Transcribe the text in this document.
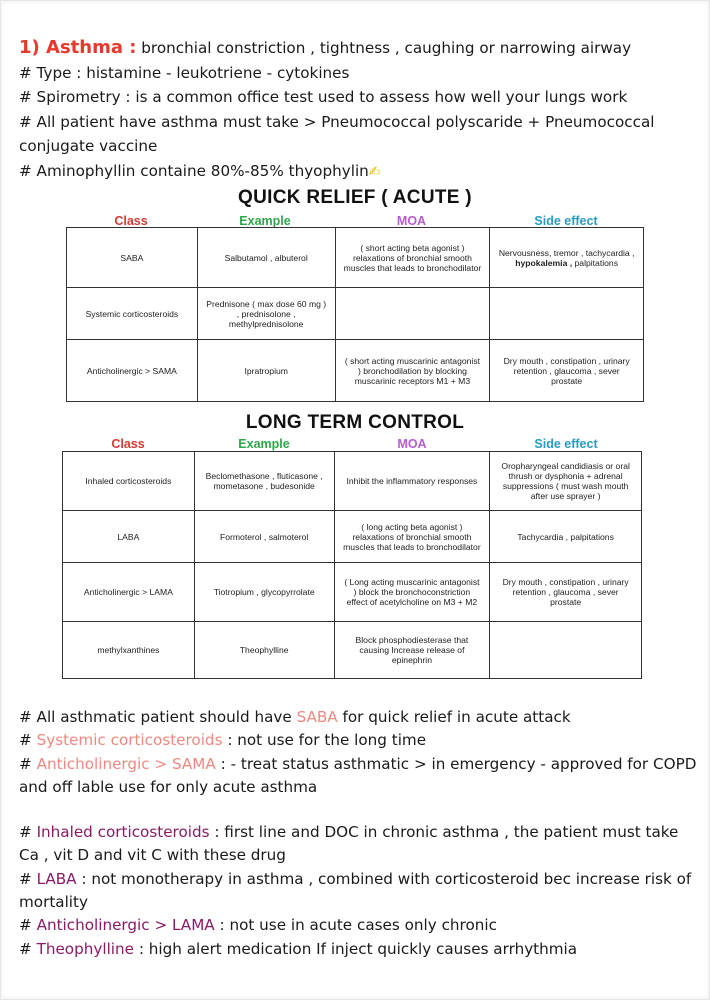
1) Asthma : bronchial constriction , tightness , caughing or narrowing airway

# Type : histamine - leukotriene - cytokines

# Spirometry : is a common office test used to assess how well your lungs work

# All patient have asthma must take > Pneumococcal polyscaride + Pneumococcal conjugate vaccine

# Aminophyllin containe 80%-85% thyophylin✍

QUICK RELIEF ( ACUTE )
Class	Example	MOA	Side effect
SABA	Salbutamol , albuterol	( short acting beta agonist ) relaxations of bronchial smooth muscles that leads to bronchodilator	Nervousness, tremor , tachycardia , hypokalemia , palpitations
Systemic corticosteroids	Prednisone ( max dose 60 mg ) , prednisolone , methylprednisolone		
Anticholinergic > SAMA	Ipratropium	( short acting muscarinic antagonist ) bronchodilation by blocking muscarinic receptors M1 + M3	Dry mouth , constipation , urinary retention , glaucoma , sever prostate
LONG TERM CONTROL
Class	Example	MOA	Side effect
Inhaled corticosteroids	Beclomethasone , fluticasone , mometasone , budesonide	Inhibit the inflammatory responses	Oropharyngeal candidiasis or oral thrush or dysphonia + adrenal suppressions ( must wash mouth after use sprayer )
LABA	Formoterol , salmoterol	( long acting beta agonist ) relaxations of bronchial smooth muscles that leads to bronchodilator	Tachycardia , palpitations
Anticholinergic > LAMA	Tiotropium , glycopyrrolate	( Long acting muscarinic antagonist ) block the bronchoconstriction effect of acetylcholine on M3 + M2	Dry mouth , constipation , urinary retention , glaucoma , sever prostate
methylxanthines	Theophylline	Block phosphodiesterase that causing Increase release of epinephrin	

# All asthmatic patient should have SABA for quick relief in acute attack

# Systemic corticosteroids : not use for the long time

# Anticholinergic > SAMA : - treat status asthmatic > in emergency - approved for COPD and off lable use for only acute asthma

# Inhaled corticosteroids : first line and DOC in chronic asthma , the patient must take Ca , vit D and vit C with these drug

# LABA : not monotherapy in asthma , combined with corticosteroid bec increase risk of mortality

# Anticholinergic > LAMA : not use in acute cases only chronic

# Theophylline : high alert medication If inject quickly causes arrhythmia
